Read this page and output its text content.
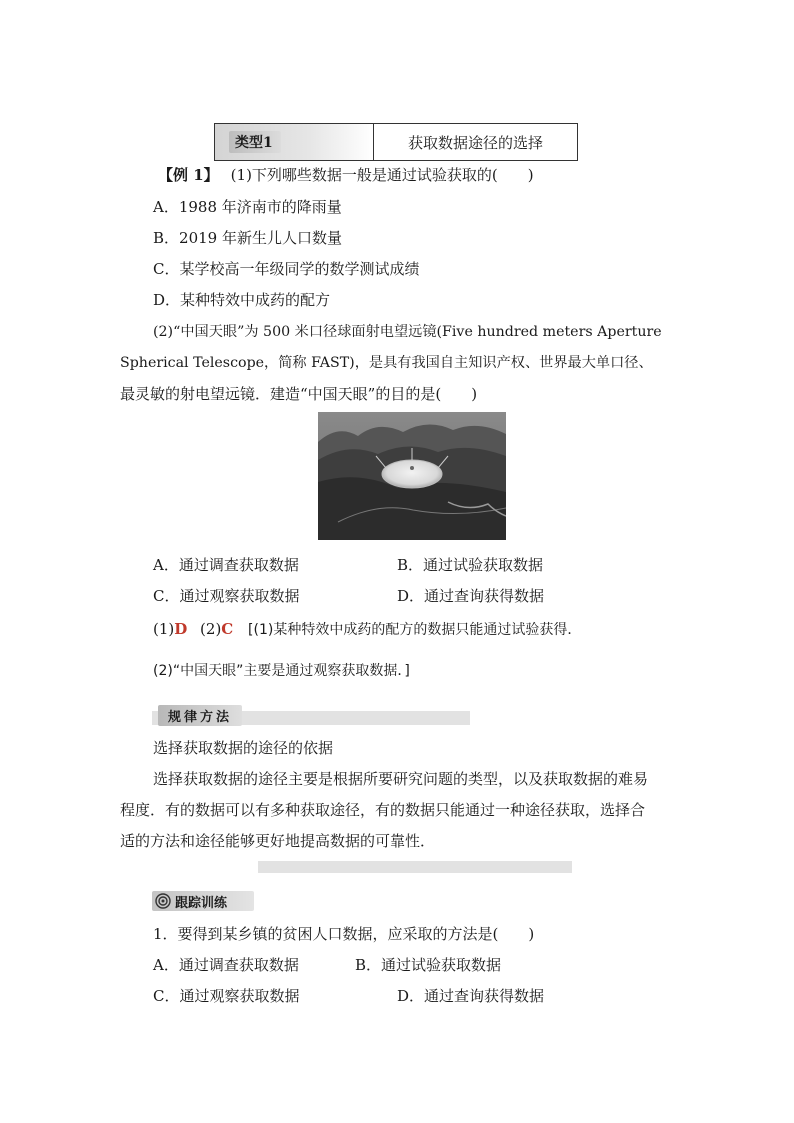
类型1	获取数据途径的选择
【例 1】 (1)下列哪些数据一般是通过试验获取的(　　)
A．1988 年济南市的降雨量
B．2019 年新生儿人口数量
C．某学校高一年级同学的数学测试成绩
D．某种特效中成药的配方
(2)“中国天眼”为 500 米口径球面射电望远镜(Five hundred meters Aperture
Spherical Telescope，简称 FAST)，是具有我国自主知识产权、世界最大单口径、
最灵敏的射电望远镜．建造“中国天眼”的目的是(　　)
A．通过调查获取数据	B．通过试验获取数据
C．通过观察获取数据	D．通过查询获得数据
(1)D (2)C [(1)某种特效中成药的配方的数据只能通过试验获得．
(2)“中国天眼”主要是通过观察获取数据．]
规律方法
选择获取数据的途径的依据
选择获取数据的途径主要是根据所要研究问题的类型，以及获取数据的难易
程度．有的数据可以有多种获取途径，有的数据只能通过一种途径获取，选择合
适的方法和途径能够更好地提高数据的可靠性．
跟踪训练
1．要得到某乡镇的贫困人口数据，应采取的方法是(　　)
A．通过调查获取数据	B．通过试验获取数据
C．通过观察获取数据	D．通过查询获得数据
